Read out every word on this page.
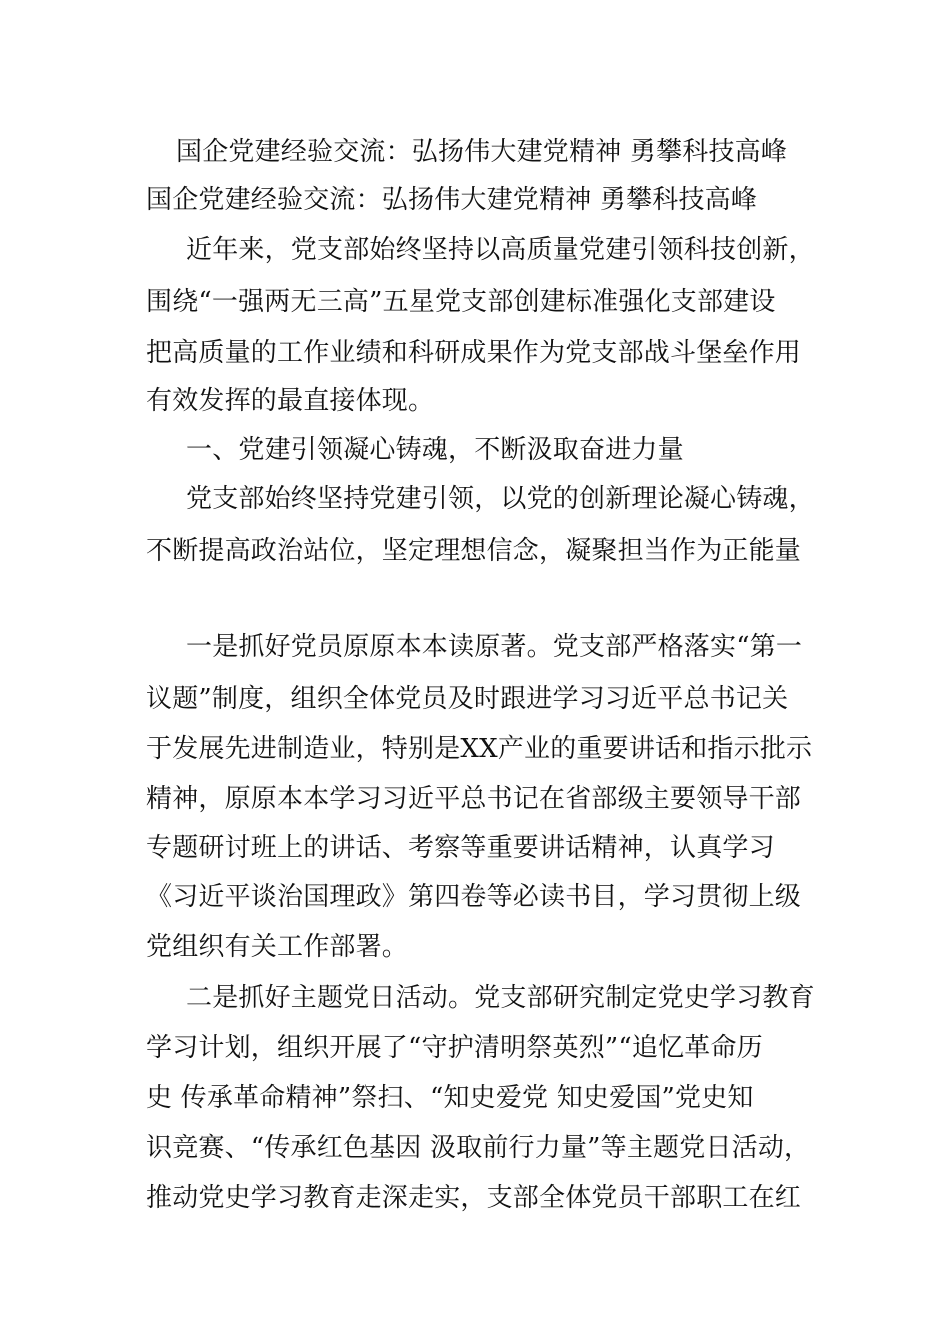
国企党建经验交流：弘扬伟大建党精神 勇攀科技高峰
国企党建经验交流：弘扬伟大建党精神 勇攀科技高峰
近年来，党支部始终坚持以高质量党建引领科技创新，
围绕“一强两无三高”五星党支部创建标准强化支部建设
把高质量的工作业绩和科研成果作为党支部战斗堡垒作用
有效发挥的最直接体现。
一、党建引领凝心铸魂，不断汲取奋进力量
党支部始终坚持党建引领，以党的创新理论凝心铸魂，
不断提高政治站位，坚定理想信念，凝聚担当作为正能量
一是抓好党员原原本本读原著。党支部严格落实“第一
议题”制度，组织全体党员及时跟进学习习近平总书记关
于发展先进制造业，特别是XX产业的重要讲话和指示批示
精神，原原本本学习习近平总书记在省部级主要领导干部
专题研讨班上的讲话、考察等重要讲话精神，认真学习
《习近平谈治国理政》第四卷等必读书目，学习贯彻上级
党组织有关工作部署。
二是抓好主题党日活动。党支部研究制定党史学习教育
学习计划，组织开展了“守护清明祭英烈”“追忆革命历
史 传承革命精神”祭扫、“知史爱党 知史爱国”党史知
识竞赛、“传承红色基因 汲取前行力量”等主题党日活动，
推动党史学习教育走深走实，支部全体党员干部职工在红
